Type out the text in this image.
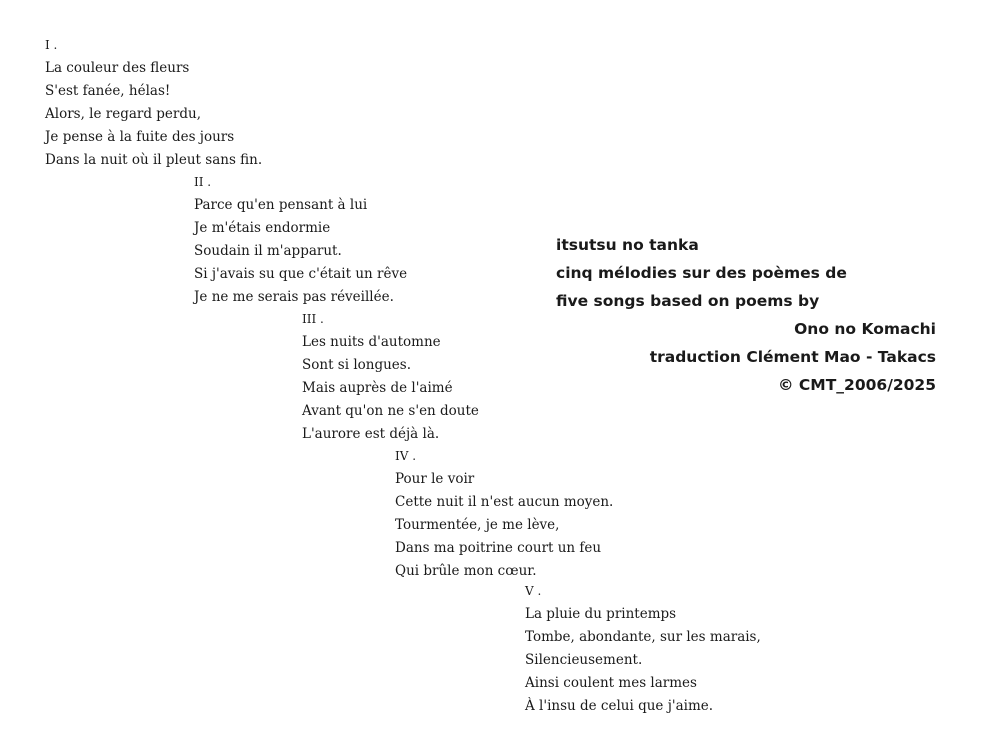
I .
La couleur des fleurs
S'est fanée, hélas!
Alors, le regard perdu,
Je pense à la fuite des jours
Dans la nuit où il pleut sans fin.
II .
Parce qu'en pensant à lui
Je m'étais endormie
Soudain il m'apparut.
Si j'avais su que c'était un rêve
Je ne me serais pas réveillée.
III .
Les nuits d'automne
Sont si longues.
Mais auprès de l'aimé
Avant qu'on ne s'en doute
L'aurore est déjà là.
IV .
Pour le voir
Cette nuit il n'est aucun moyen.
Tourmentée, je me lève,
Dans ma poitrine court un feu
Qui brûle mon cœur.
V .
La pluie du printemps
Tombe, abondante, sur les marais,
Silencieusement.
Ainsi coulent mes larmes
À l'insu de celui que j'aime.
itsutsu no tanka
cinq mélodies sur des poèmes de
five songs based on poems by
Ono no Komachi
traduction Clément Mao - Takacs
© CMT_2006/2025
